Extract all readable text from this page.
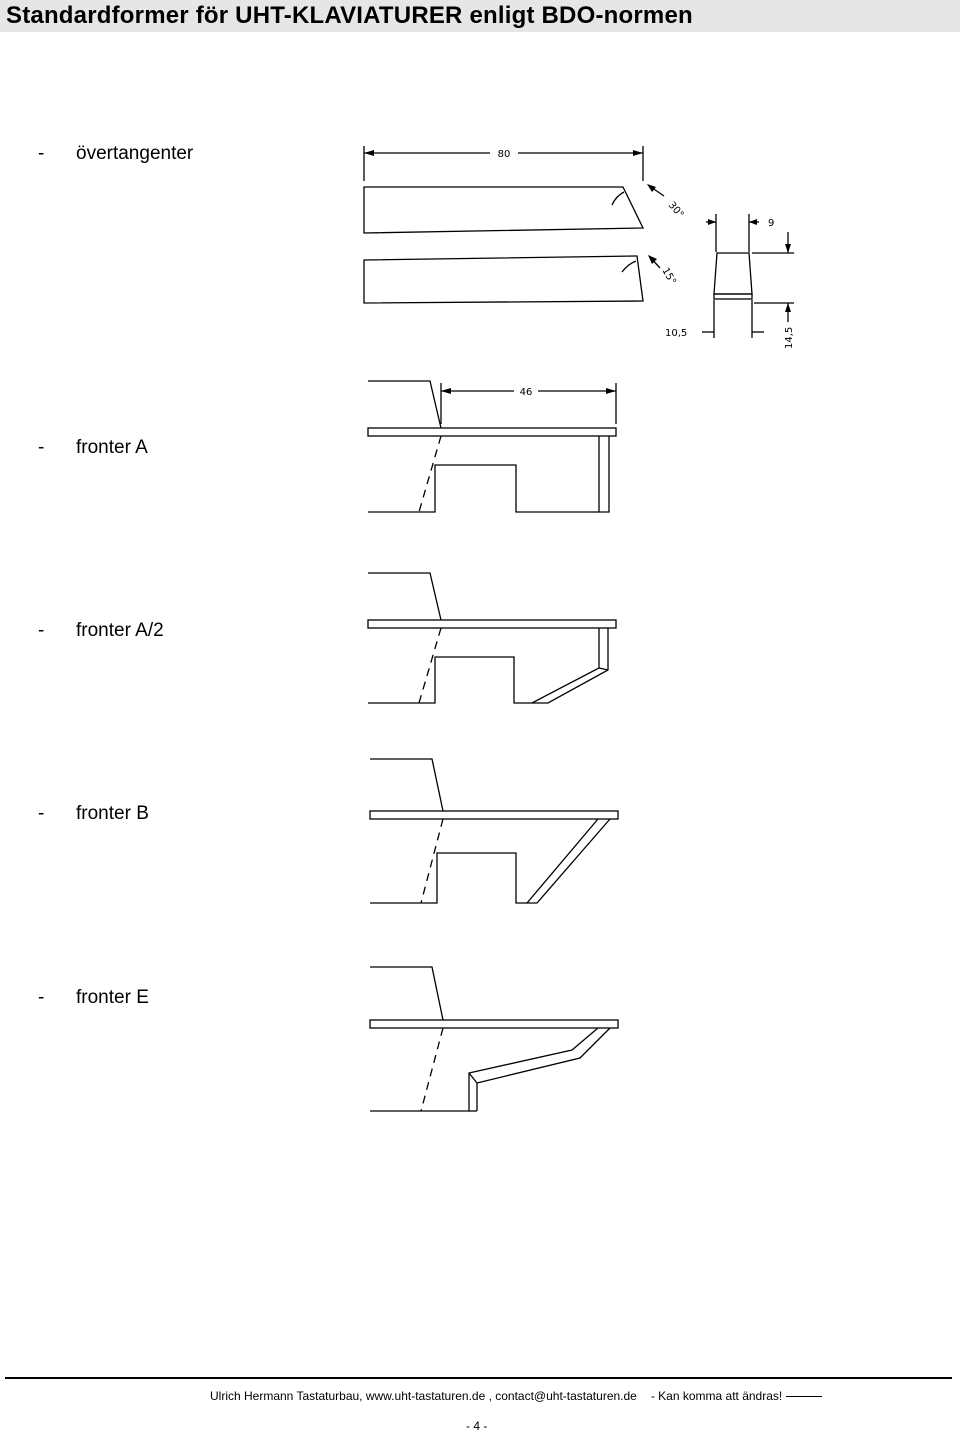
Standardformer för UHT-KLAVIATURER enligt BDO-normen
- övertangenter
- fronter A
- fronter A/2
- fronter B
- fronter E
80
30°
15°
9
10,5	14,5
46
Ulrich Hermann Tastaturbau, www.uht-tastaturen.de , contact@uht-tastaturen.de - Kan komma att ändras!
- 4 -
